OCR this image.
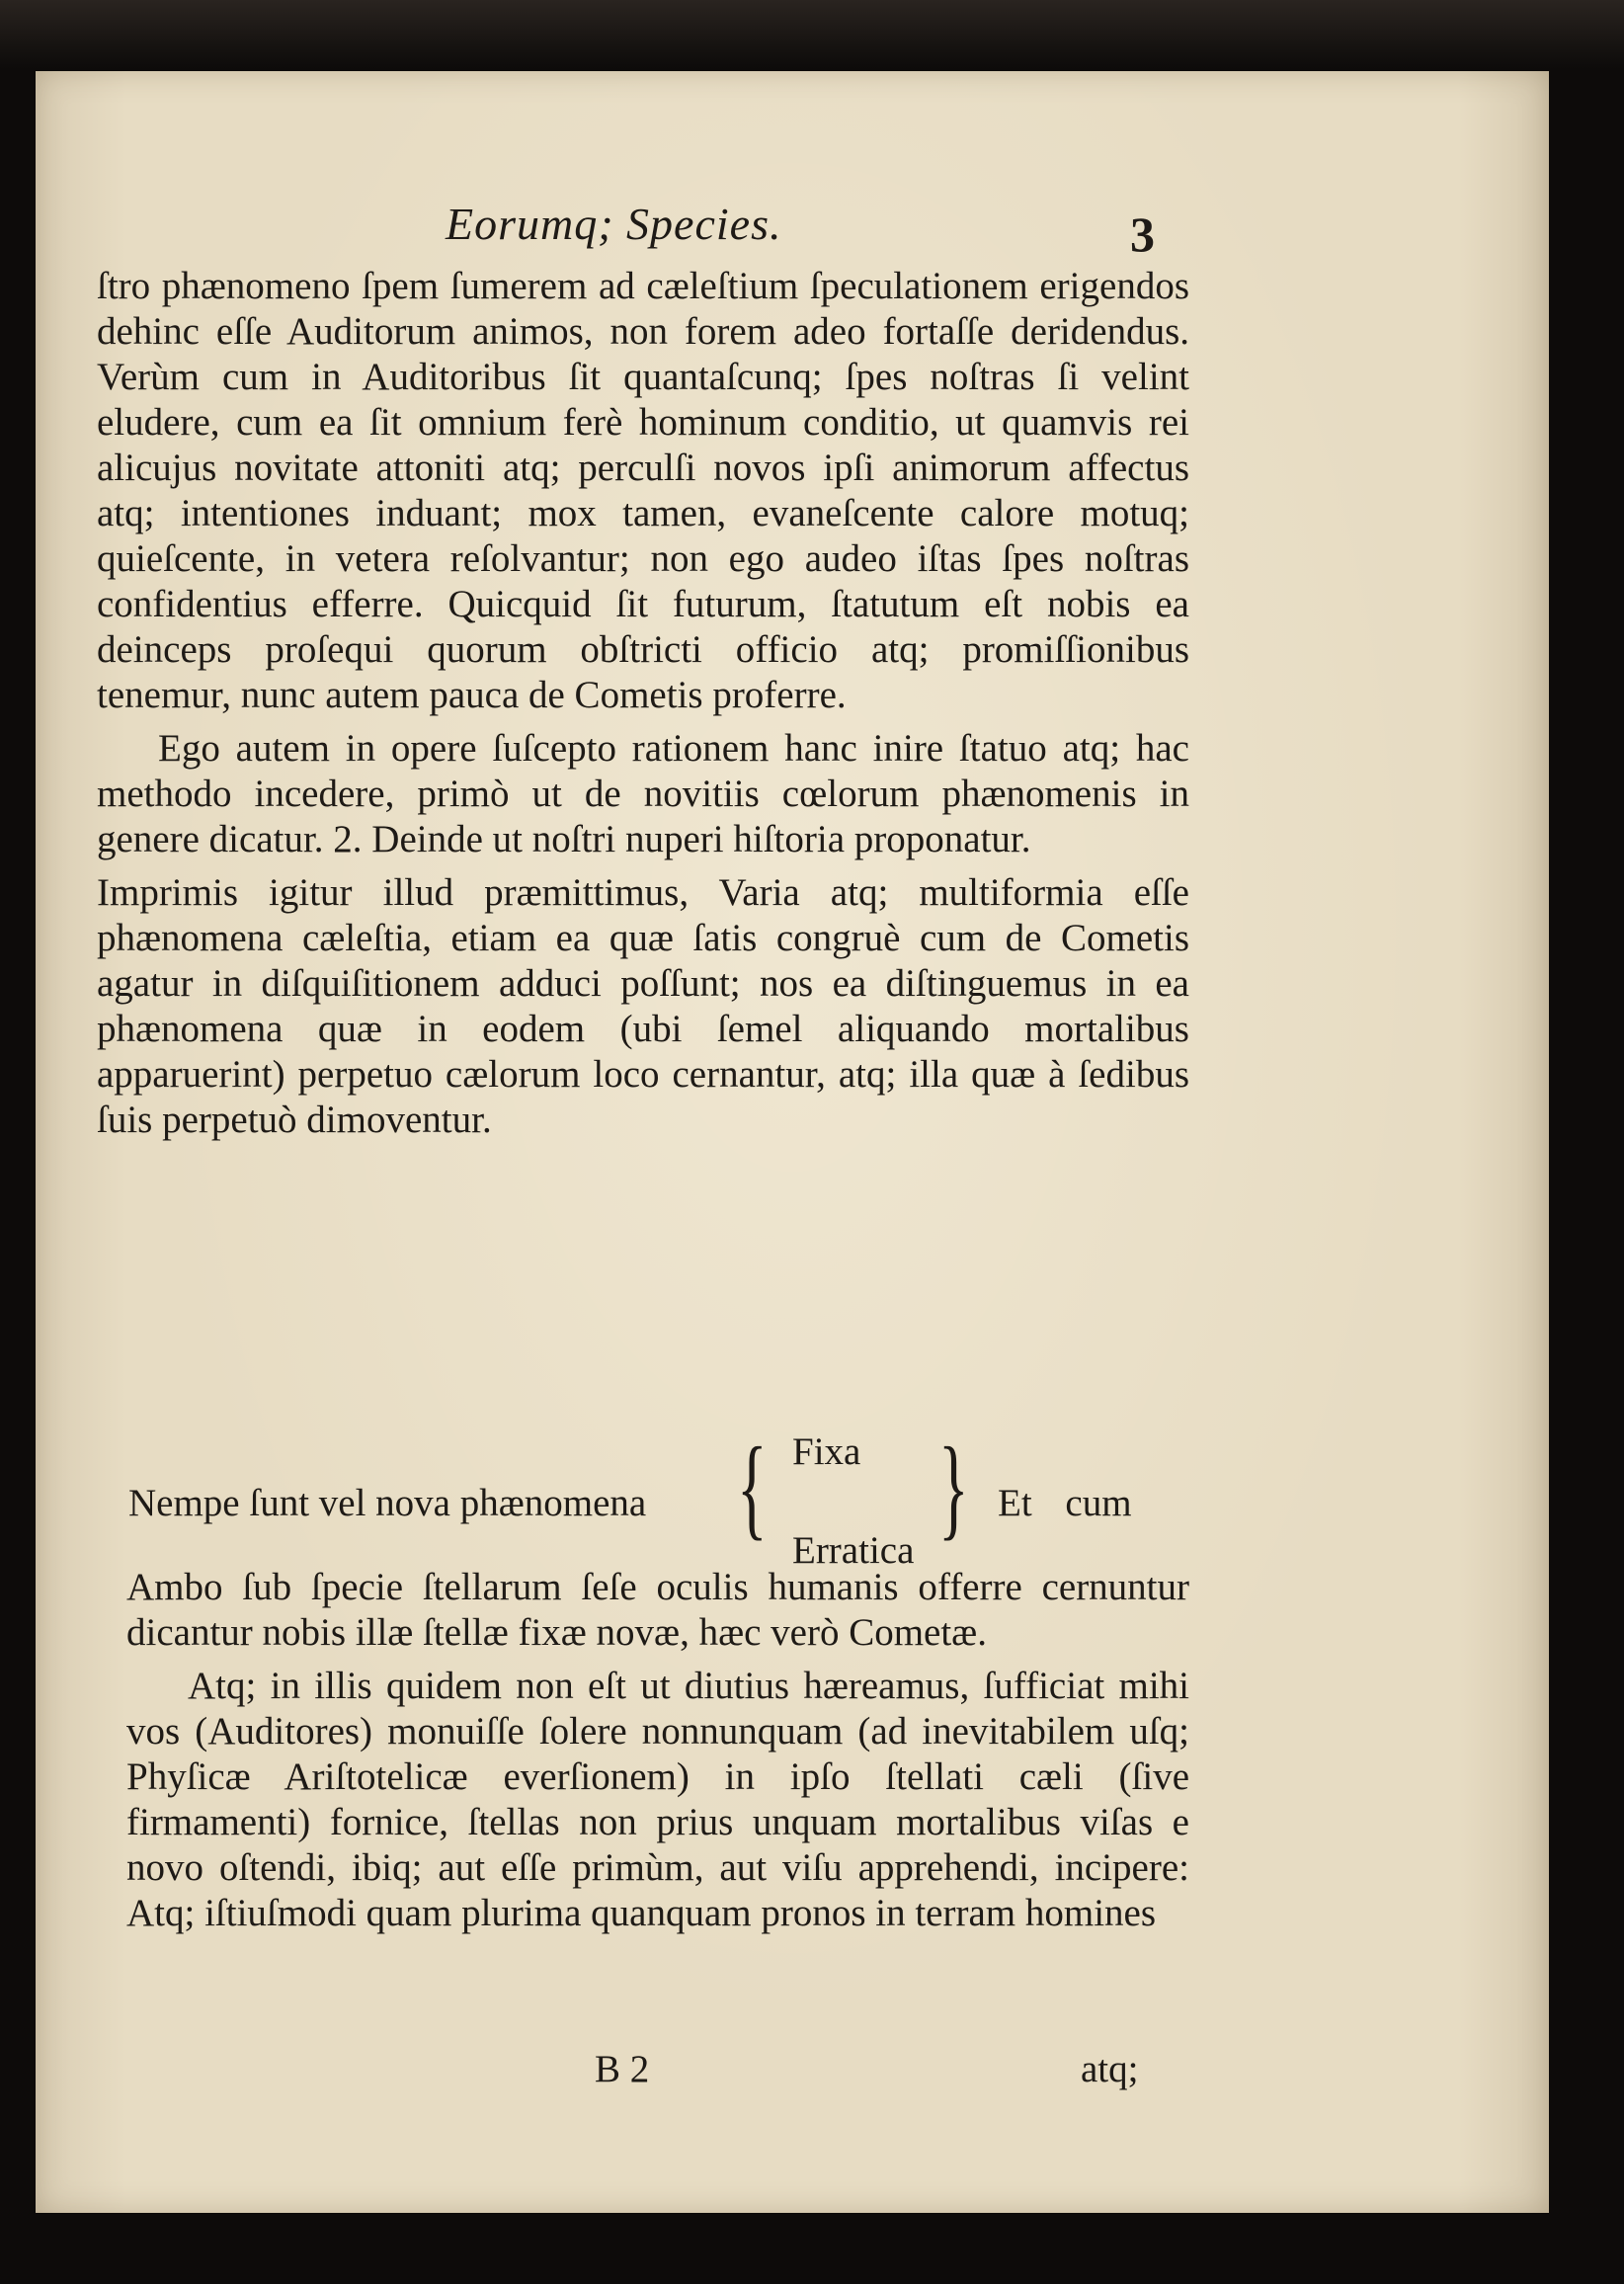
Eorumq; Species.	3

ſtro phænomeno ſpem ſumerem ad cæleſtium ſpeculationem erigendos dehinc eſſe Auditorum animos, non forem adeo fortaſſe deridendus. Verùm cum in Auditoribus ſit quantaſcunq; ſpes noſtras ſi velint eludere, cum ea ſit omnium ferè hominum conditio, ut quamvis rei alicujus novitate attoniti atq; perculſi novos ipſi animorum affectus atq; intentiones induant; mox tamen, evaneſcente calore motuq; quieſcente, in vetera reſolvantur; non ego audeo iſtas ſpes noſtras confidentius efferre. Quicquid ſit futurum, ſtatutum eſt nobis ea deinceps proſequi quorum obſtricti officio atq; promiſſionibus tenemur, nunc autem pauca de Cometis proferre.

Ego autem in opere ſuſcepto rationem hanc inire ſtatuo atq; hac methodo incedere, primò ut de novitiis cœlorum phænomenis in genere dicatur. 2. Deinde ut noſtri nuperi hiſtoria proponatur.

Imprimis igitur illud præmittimus, Varia atq; multiformia eſſe phænomena cæleſtia, etiam ea quæ ſatis congruè cum de Cometis agatur in diſquiſitionem adduci poſſunt; nos ea diſtinguemus in ea phænomena quæ in eodem (ubi ſemel aliquando mortalibus apparuerint) perpetuo cælorum loco cernantur, atq; illa quæ à ſedibus ſuis perpetuò dimoventur.

Nempe ſunt vel nova phænomena { Fixa
Erratica } Et cum

Ambo ſub ſpecie ſtellarum ſeſe oculis humanis offerre cernuntur dicantur nobis illæ ſtellæ fixæ novæ, hæc verò Cometæ.

Atq; in illis quidem non eſt ut diutius hæreamus, ſufficiat mihi vos (Auditores) monuiſſe ſolere nonnunquam (ad inevitabilem uſq; Phyſicæ Ariſtotelicæ everſionem) in ipſo ſtellati cæli (ſive firmamenti) fornice, ſtellas non prius unquam mortalibus viſas e novo oſtendi, ibiq; aut eſſe primùm, aut viſu apprehendi, incipere: Atq; iſtiuſmodi quam plurima quanquam pronos in terram homines

B 2	atq;
